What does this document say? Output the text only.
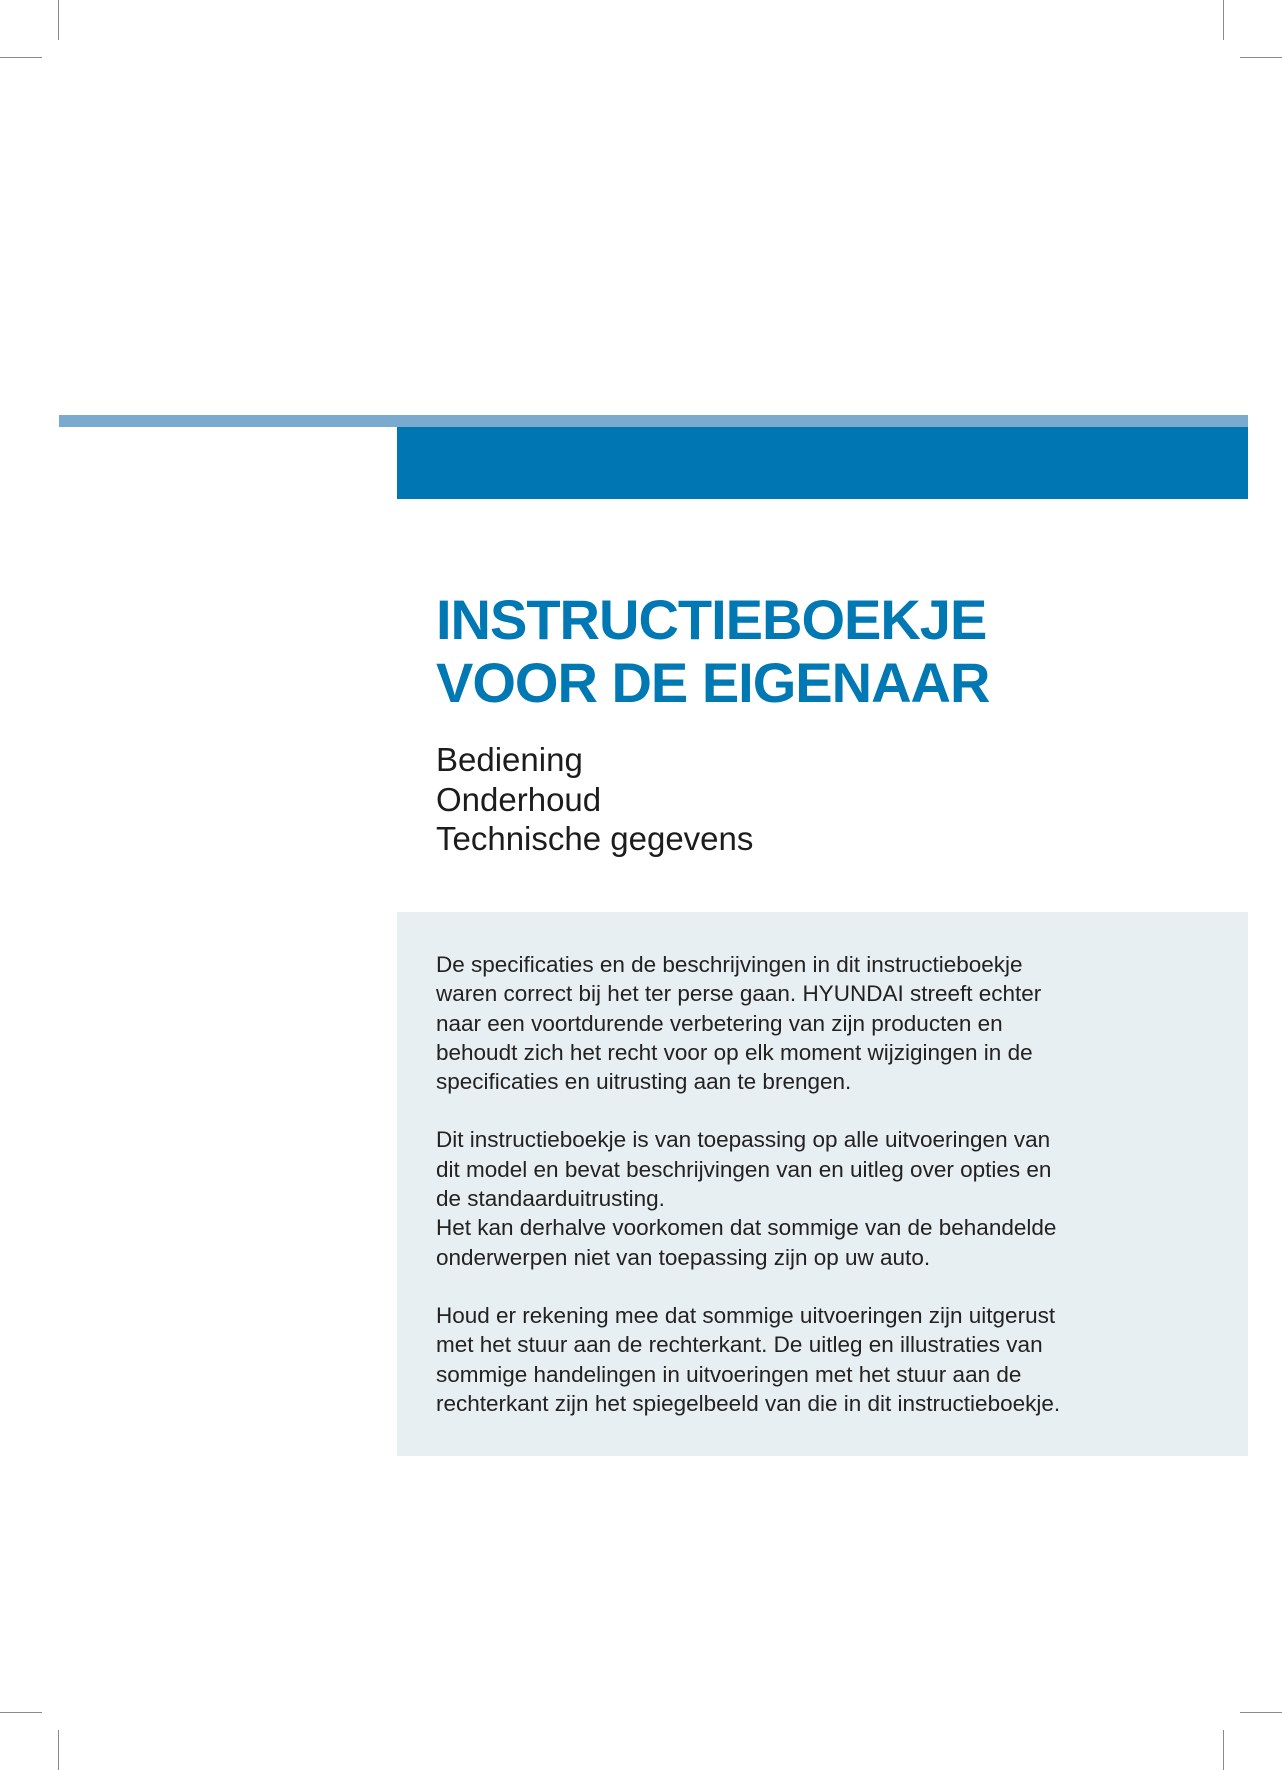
INSTRUCTIEBOEKJE
VOOR DE EIGENAAR
Bediening
Onderhoud
Technische gegevens

De specificaties en de beschrijvingen in dit instructieboekje
waren correct bij het ter perse gaan. HYUNDAI streeft echter
naar een voortdurende verbetering van zijn producten en
behoudt zich het recht voor op elk moment wijzigingen in de
specificaties en uitrusting aan te brengen.

Dit instructieboekje is van toepassing op alle uitvoeringen van
dit model en bevat beschrijvingen van en uitleg over opties en
de standaarduitrusting.
Het kan derhalve voorkomen dat sommige van de behandelde
onderwerpen niet van toepassing zijn op uw auto.

Houd er rekening mee dat sommige uitvoeringen zijn uitgerust
met het stuur aan de rechterkant. De uitleg en illustraties van
sommige handelingen in uitvoeringen met het stuur aan de
rechterkant zijn het spiegelbeeld van die in dit instructieboekje.
